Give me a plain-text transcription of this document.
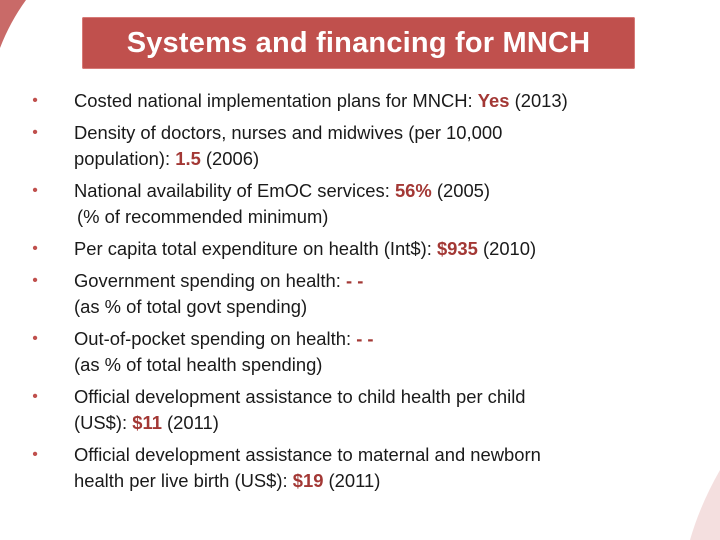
Systems and financing for MNCH
• Costed national implementation plans for MNCH: Yes (2013)
• Density of doctors, nurses and midwives (per 10,000
population): 1.5 (2006)
• National availability of EmOC services: 56% (2005)
(% of recommended minimum)
• Per capita total expenditure on health (Int$): $935 (2010)
• Government spending on health: - -
(as % of total govt spending)
• Out-of-pocket spending on health: - -
(as % of total health spending)
• Official development assistance to child health per child
(US$): $11 (2011)
• Official development assistance to maternal and newborn
health per live birth (US$): $19 (2011)
